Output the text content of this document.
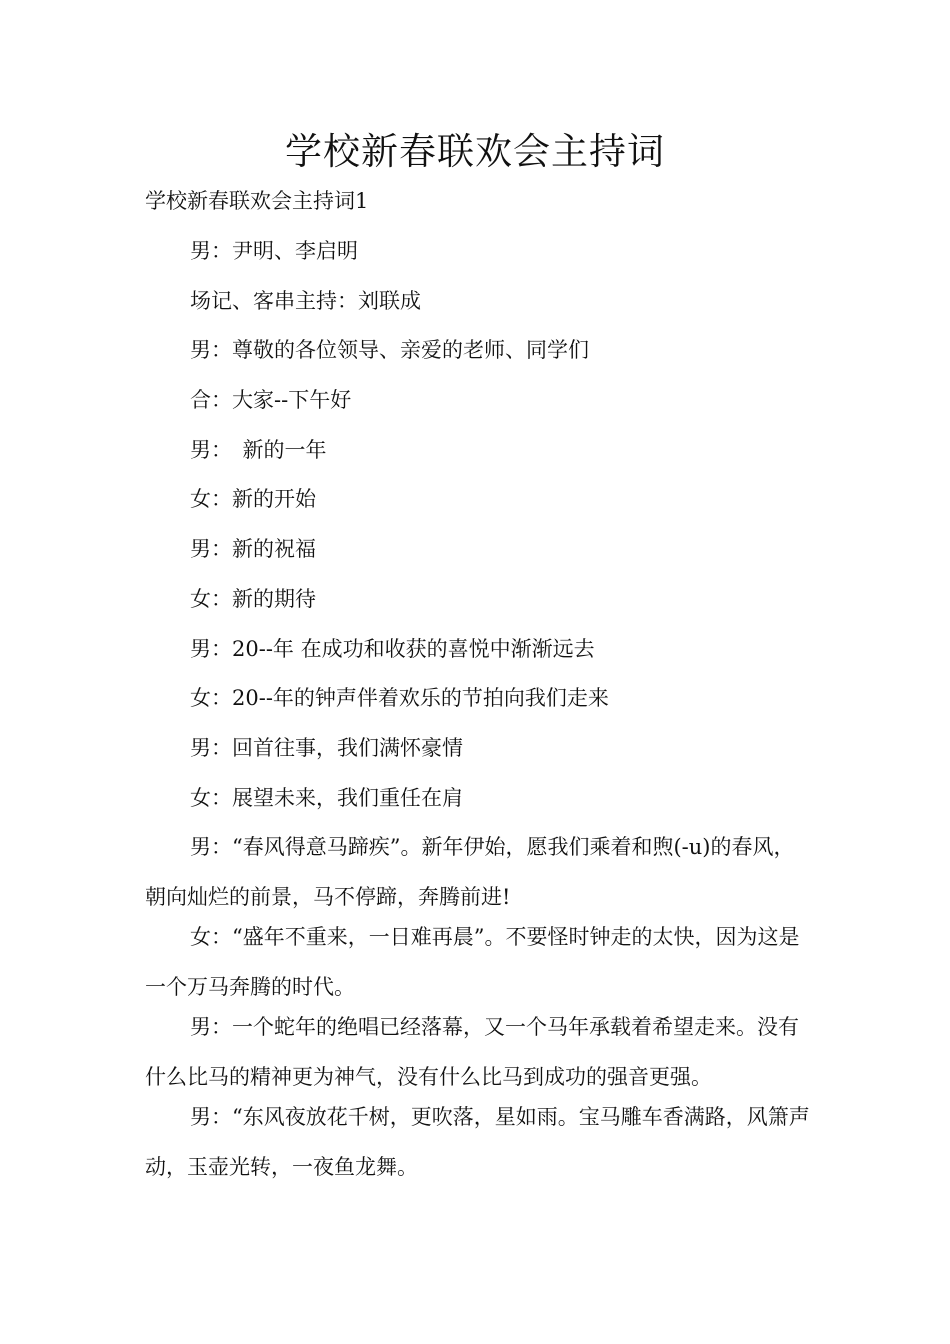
学校新春联欢会主持词

学校新春联欢会主持词1

男：尹明、李启明

场记、客串主持：刘联成

男：尊敬的各位领导、亲爱的老师、同学们

合：大家--下午好

男：　新的一年

女：新的开始

男：新的祝福

女：新的期待

男：20--年 在成功和收获的喜悦中渐渐远去

女：20--年的钟声伴着欢乐的节拍向我们走来

男：回首往事，我们满怀豪情

女：展望未来，我们重任在肩

男：“春风得意马蹄疾”。新年伊始，愿我们乘着和煦(-u)的春风，朝向灿烂的前景，马不停蹄，奔腾前进!

女：“盛年不重来，一日难再晨”。不要怪时钟走的太快，因为这是一个万马奔腾的时代。

男：一个蛇年的绝唱已经落幕，又一个马年承载着希望走来。没有什么比马的精神更为神气，没有什么比马到成功的强音更强。

男：“东风夜放花千树，更吹落，星如雨。宝马雕车香满路，风箫声动，玉壶光转，一夜鱼龙舞。
